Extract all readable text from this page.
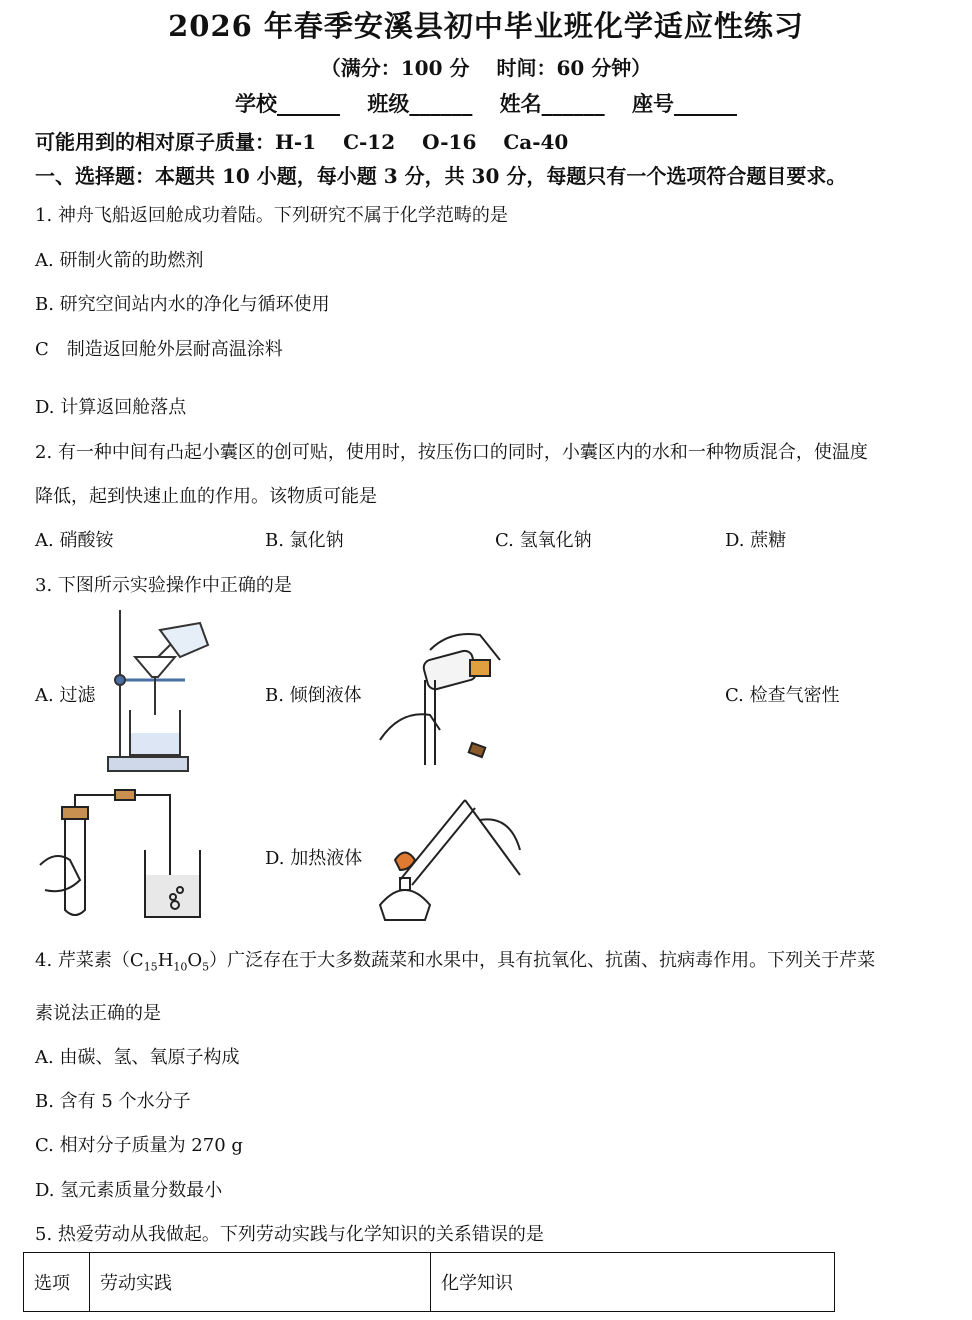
2026 年春季安溪县初中毕业班化学适应性练习
（满分：100 分　 时间：60 分钟）
学校______ 班级______ 姓名______ 座号______
可能用到的相对原子质量：H-1　 C-12　 O-16　 Ca-40
一、选择题：本题共 10 小题，每小题 3 分，共 30 分，每题只有一个选项符合题目要求。
1. 神舟飞船返回舱成功着陆。下列研究不属于化学范畴的是
A. 研制火箭的助燃剂
B. 研究空间站内水的净化与循环使用
C　制造返回舱外层耐高温涂料
D. 计算返回舱落点
2. 有一种中间有凸起小囊区的创可贴，使用时，按压伤口的同时，小囊区内的水和一种物质混合，使温度
降低，起到快速止血的作用。该物质可能是
A. 硝酸铵	B. 氯化钠	C. 氢氧化钠	D. 蔗糖
3. 下图所示实验操作中正确的是
A. 过滤	B. 倾倒液体	C. 检查气密性
D. 加热液体
4. 芹菜素$(C_{15}H_{10}O_5)$广泛存在于大多数蔬菜和水果中，具有抗氧化、抗菌、抗病毒作用。下列关于芹菜
素说法正确的是
A. 由碳、氢、氧原子构成
B. 含有 5 个水分子
C. 相对分子质量为 270 g
D. 氢元素质量分数最小
5. 热爱劳动从我做起。下列劳动实践与化学知识的关系错误的是
选项	劳动实践	化学知识
